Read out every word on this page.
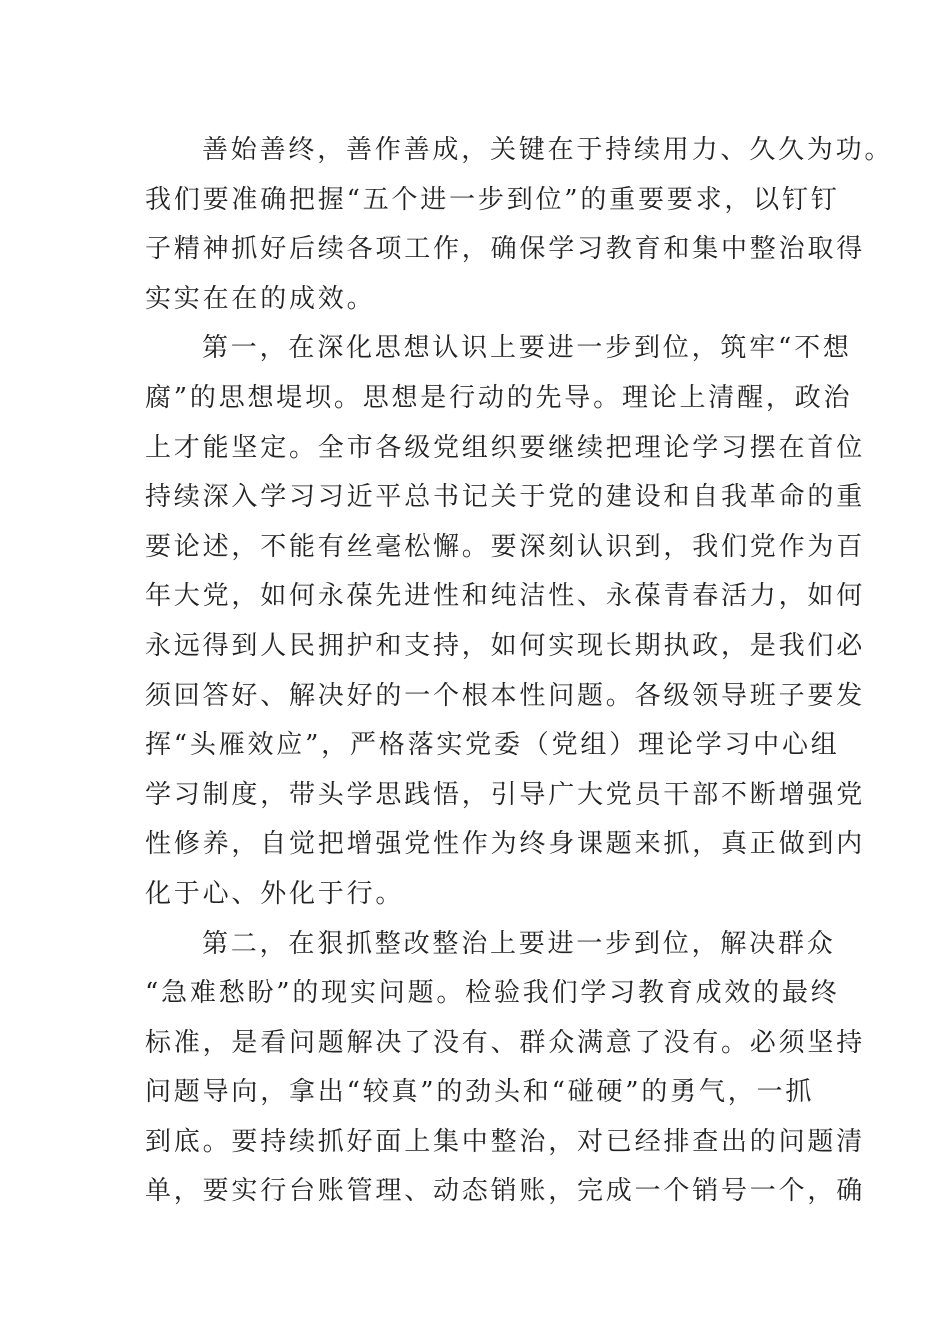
善始善终，善作善成，关键在于持续用力、久久为功。
我们要准确把握“五个进一步到位”的重要要求，以钉钉
子精神抓好后续各项工作，确保学习教育和集中整治取得
实实在在的成效。
第一，在深化思想认识上要进一步到位，筑牢“不想
腐”的思想堤坝。思想是行动的先导。理论上清醒，政治
上才能坚定。全市各级党组织要继续把理论学习摆在首位
持续深入学习习近平总书记关于党的建设和自我革命的重
要论述，不能有丝毫松懈。要深刻认识到，我们党作为百
年大党，如何永葆先进性和纯洁性、永葆青春活力，如何
永远得到人民拥护和支持，如何实现长期执政，是我们必
须回答好、解决好的一个根本性问题。各级领导班子要发
挥“头雁效应”，严格落实党委（党组）理论学习中心组
学习制度，带头学思践悟，引导广大党员干部不断增强党
性修养，自觉把增强党性作为终身课题来抓，真正做到内
化于心、外化于行。
第二，在狠抓整改整治上要进一步到位，解决群众
“急难愁盼”的现实问题。检验我们学习教育成效的最终
标准，是看问题解决了没有、群众满意了没有。必须坚持
问题导向，拿出“较真”的劲头和“碰硬”的勇气，一抓
到底。要持续抓好面上集中整治，对已经排查出的问题清
单，要实行台账管理、动态销账，完成一个销号一个，确
